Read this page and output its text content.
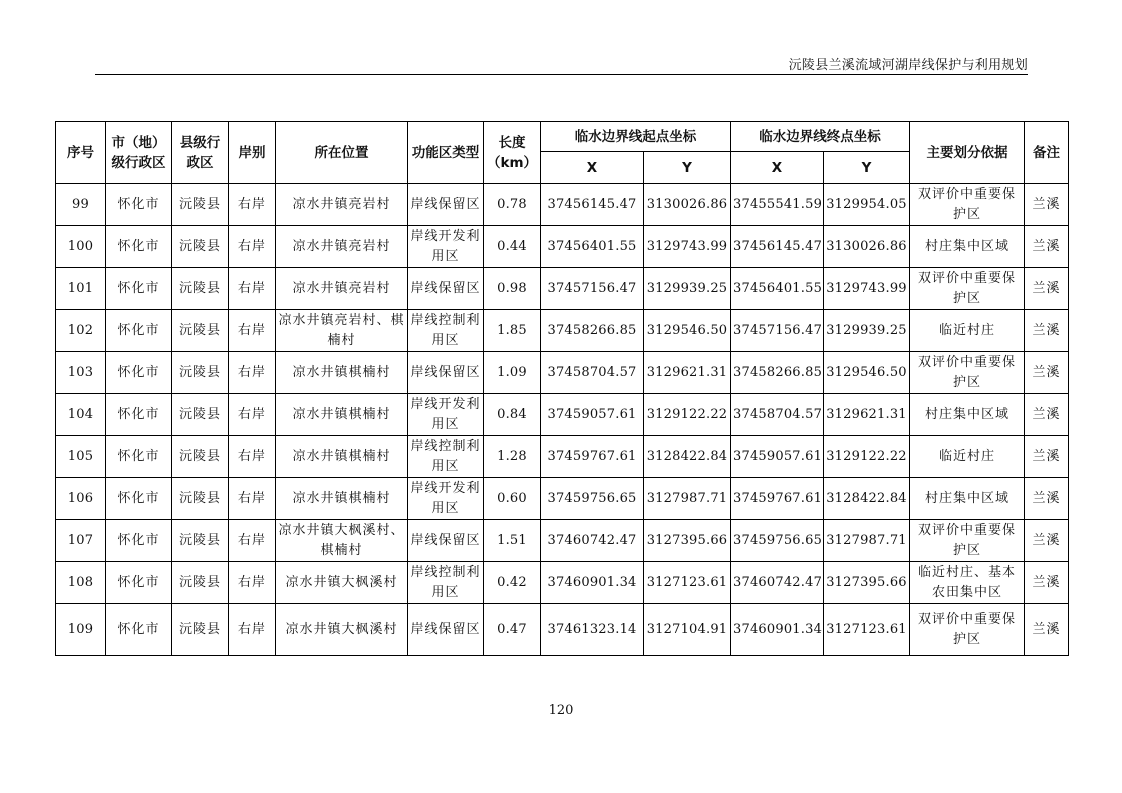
沅陵县兰溪流域河湖岸线保护与利用规划
序号	市（地）级行政区	县级行政区	岸别	所在位置	功能区类型	长度（km）	临水边界线起点坐标		临水边界线终点坐标		主要划分依据	备注
							X	Y	X	Y		
99	怀化市	沅陵县	右岸	凉水井镇亮岩村	岸线保留区	0.78	37456145.47	3130026.86	37455541.59	3129954.05	双评价中重要保护区	兰溪
100	怀化市	沅陵县	右岸	凉水井镇亮岩村	岸线开发利用区	0.44	37456401.55	3129743.99	37456145.47	3130026.86	村庄集中区域	兰溪
101	怀化市	沅陵县	右岸	凉水井镇亮岩村	岸线保留区	0.98	37457156.47	3129939.25	37456401.55	3129743.99	双评价中重要保护区	兰溪
102	怀化市	沅陵县	右岸	凉水井镇亮岩村、棋楠村	岸线控制利用区	1.85	37458266.85	3129546.50	37457156.47	3129939.25	临近村庄	兰溪
103	怀化市	沅陵县	右岸	凉水井镇棋楠村	岸线保留区	1.09	37458704.57	3129621.31	37458266.85	3129546.50	双评价中重要保护区	兰溪
104	怀化市	沅陵县	右岸	凉水井镇棋楠村	岸线开发利用区	0.84	37459057.61	3129122.22	37458704.57	3129621.31	村庄集中区域	兰溪
105	怀化市	沅陵县	右岸	凉水井镇棋楠村	岸线控制利用区	1.28	37459767.61	3128422.84	37459057.61	3129122.22	临近村庄	兰溪
106	怀化市	沅陵县	右岸	凉水井镇棋楠村	岸线开发利用区	0.60	37459756.65	3127987.71	37459767.61	3128422.84	村庄集中区域	兰溪
107	怀化市	沅陵县	右岸	凉水井镇大枫溪村、棋楠村	岸线保留区	1.51	37460742.47	3127395.66	37459756.65	3127987.71	双评价中重要保护区	兰溪
108	怀化市	沅陵县	右岸	凉水井镇大枫溪村	岸线控制利用区	0.42	37460901.34	3127123.61	37460742.47	3127395.66	临近村庄、基本农田集中区	兰溪
109	怀化市	沅陵县	右岸	凉水井镇大枫溪村	岸线保留区	0.47	37461323.14	3127104.91	37460901.34	3127123.61	双评价中重要保护区	兰溪
120
